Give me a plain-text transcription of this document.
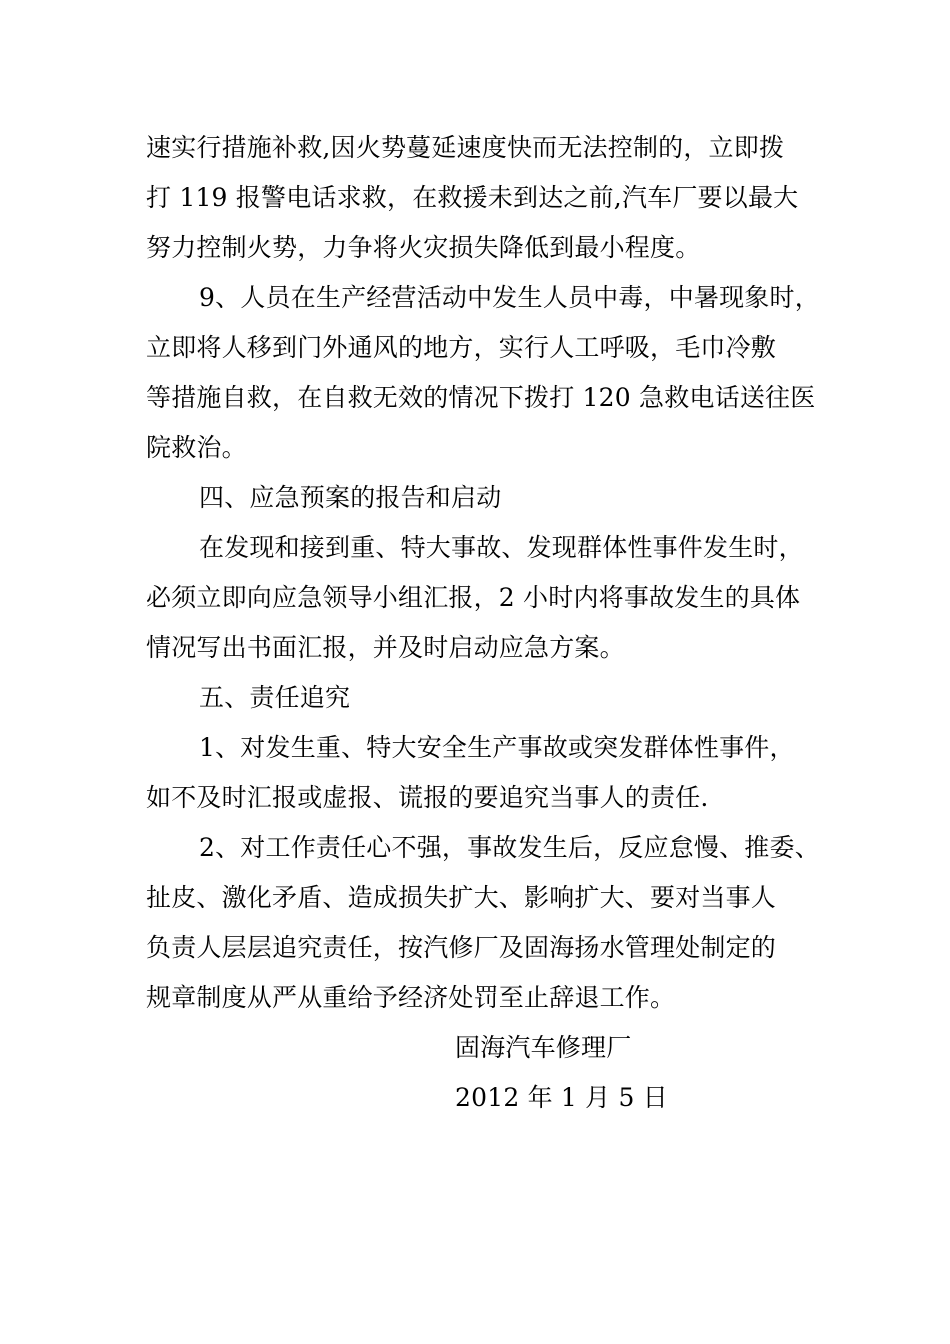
速实行措施补救,因火势蔓延速度快而无法控制的，立即拨
打 119 报警电话求救，在救援未到达之前,汽车厂要以最大
努力控制火势，力争将火灾损失降低到最小程度。
9、人员在生产经营活动中发生人员中毒，中暑现象时，
立即将人移到门外通风的地方，实行人工呼吸，毛巾冷敷
等措施自救，在自救无效的情况下拨打 120 急救电话送往医
院救治。
四、应急预案的报告和启动
在发现和接到重、特大事故、发现群体性事件发生时，
必须立即向应急领导小组汇报，2 小时内将事故发生的具体
情况写出书面汇报，并及时启动应急方案。
五、责任追究
1、对发生重、特大安全生产事故或突发群体性事件，
如不及时汇报或虚报、谎报的要追究当事人的责任.
2、对工作责任心不强，事故发生后，反应怠慢、推委、
扯皮、激化矛盾、造成损失扩大、影响扩大、要对当事人
负责人层层追究责任，按汽修厂及固海扬水管理处制定的
规章制度从严从重给予经济处罚至止辞退工作。
固海汽车修理厂
2012 年 1 月 5 日
